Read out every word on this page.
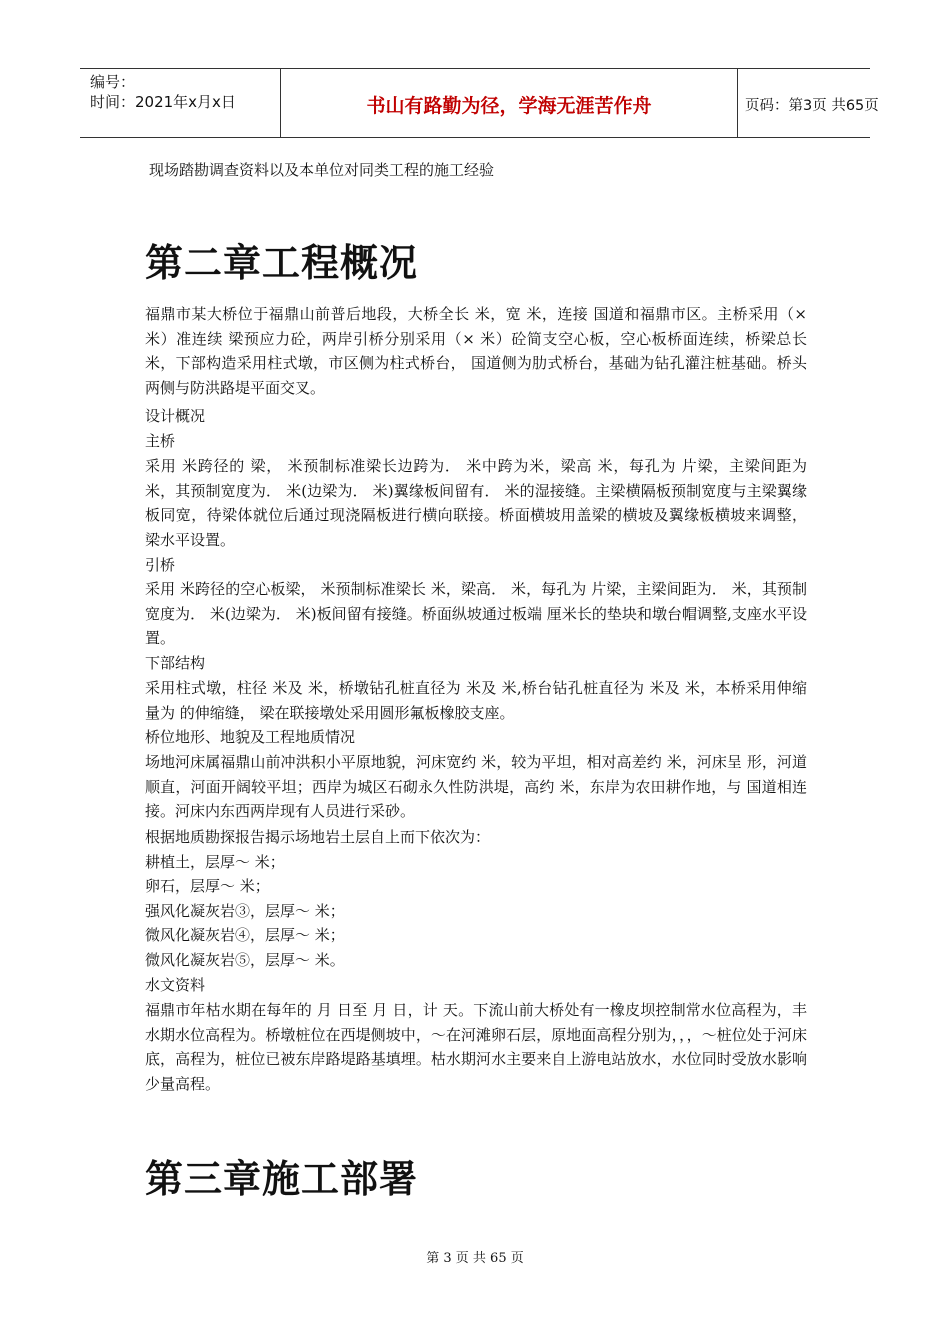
编号：
时间：2021年x月x日	书山有路勤为径，学海无涯苦作舟	页码：第3页 共65页
现场踏勘调查资料以及本单位对同类工程的施工经验
第二章工程概况
福鼎市某大桥位于福鼎山前普后地段，大桥全长 米，宽 米，连接 国道和福鼎市区。主桥采用（× 米）准连续 梁预应力砼，两岸引桥分别采用（× 米）砼简支空心板，空心板桥面连续，桥梁总长 米，下部构造采用柱式墩，市区侧为柱式桥台， 国道侧为肋式桥台，基础为钻孔灌注桩基础。桥头两侧与防洪路堤平面交叉。
设计概况
主桥
采用 米跨径的 梁， 米预制标准梁长边跨为． 米中跨为米，梁高 米，每孔为 片梁，主梁间距为 米，其预制宽度为． 米(边梁为． 米)翼缘板间留有． 米的湿接缝。主梁横隔板预制宽度与主梁翼缘板同宽，待梁体就位后通过现浇隔板进行横向联接。桥面横坡用盖梁的横坡及翼缘板横坡来调整， 梁水平设置。
引桥
采用 米跨径的空心板梁， 米预制标准梁长 米，梁高． 米，每孔为 片梁，主梁间距为． 米，其预制宽度为． 米(边梁为． 米)板间留有接缝。桥面纵坡通过板端 厘米长的垫块和墩台帽调整,支座水平设置。
下部结构
采用柱式墩，柱径 米及 米，桥墩钻孔桩直径为 米及 米,桥台钻孔桩直径为 米及 米，本桥采用伸缩量为 的伸缩缝， 梁在联接墩处采用圆形氟板橡胶支座。
桥位地形、地貌及工程地质情况
场地河床属福鼎山前冲洪积小平原地貌，河床宽约 米，较为平坦，相对高差约 米，河床呈 形，河道顺直，河面开阔较平坦；西岸为城区石砌永久性防洪堤，高约 米，东岸为农田耕作地，与 国道相连接。河床内东西两岸现有人员进行采砂。
根据地质勘探报告揭示场地岩土层自上而下依次为：
耕植土，层厚～ 米；
卵石，层厚～ 米；
强风化凝灰岩③，层厚～ 米；
微风化凝灰岩④，层厚～ 米；
微风化凝灰岩⑤，层厚～ 米。
水文资料
福鼎市年枯水期在每年的 月 日至 月 日，计 天。下流山前大桥处有一橡皮坝控制常水位高程为，丰水期水位高程为。桥墩桩位在西堤侧坡中，～在河滩卵石层，原地面高程分别为，，，～桩位处于河床底，高程为，桩位已被东岸路堤路基填埋。枯水期河水主要来自上游电站放水，水位同时受放水影响少量高程。
第三章施工部署
第 3 页 共 65 页
